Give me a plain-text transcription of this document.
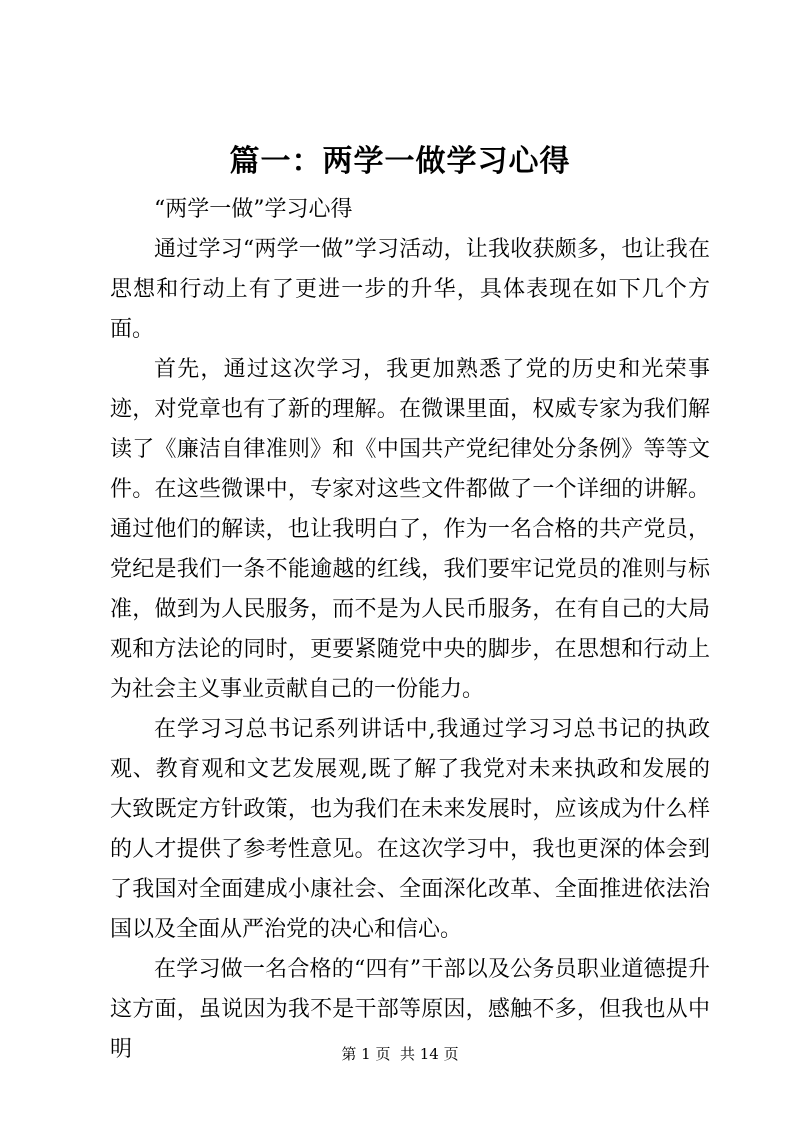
篇一：两学一做学习心得

“两学一做”学习心得

通过学习“两学一做”学习活动，让我收获颇多，也让我在思想和行动上有了更进一步的升华，具体表现在如下几个方面。

首先，通过这次学习，我更加熟悉了党的历史和光荣事迹，对党章也有了新的理解。在微课里面，权威专家为我们解读了《廉洁自律准则》和《中国共产党纪律处分条例》等等文件。在这些微课中，专家对这些文件都做了一个详细的讲解。通过他们的解读，也让我明白了，作为一名合格的共产党员，党纪是我们一条不能逾越的红线，我们要牢记党员的准则与标准，做到为人民服务，而不是为人民币服务，在有自己的大局观和方法论的同时，更要紧随党中央的脚步，在思想和行动上为社会主义事业贡献自己的一份能力。

在学习习总书记系列讲话中,我通过学习习总书记的执政观、教育观和文艺发展观,既了解了我党对未来执政和发展的大致既定方针政策，也为我们在未来发展时，应该成为什么样的人才提供了参考性意见。在这次学习中，我也更深的体会到了我国对全面建成小康社会、全面深化改革、全面推进依法治国以及全面从严治党的决心和信心。

在学习做一名合格的“四有”干部以及公务员职业道德提升这方面，虽说因为我不是干部等原因，感触不多，但我也从中明	第 1 页  共 14 页
